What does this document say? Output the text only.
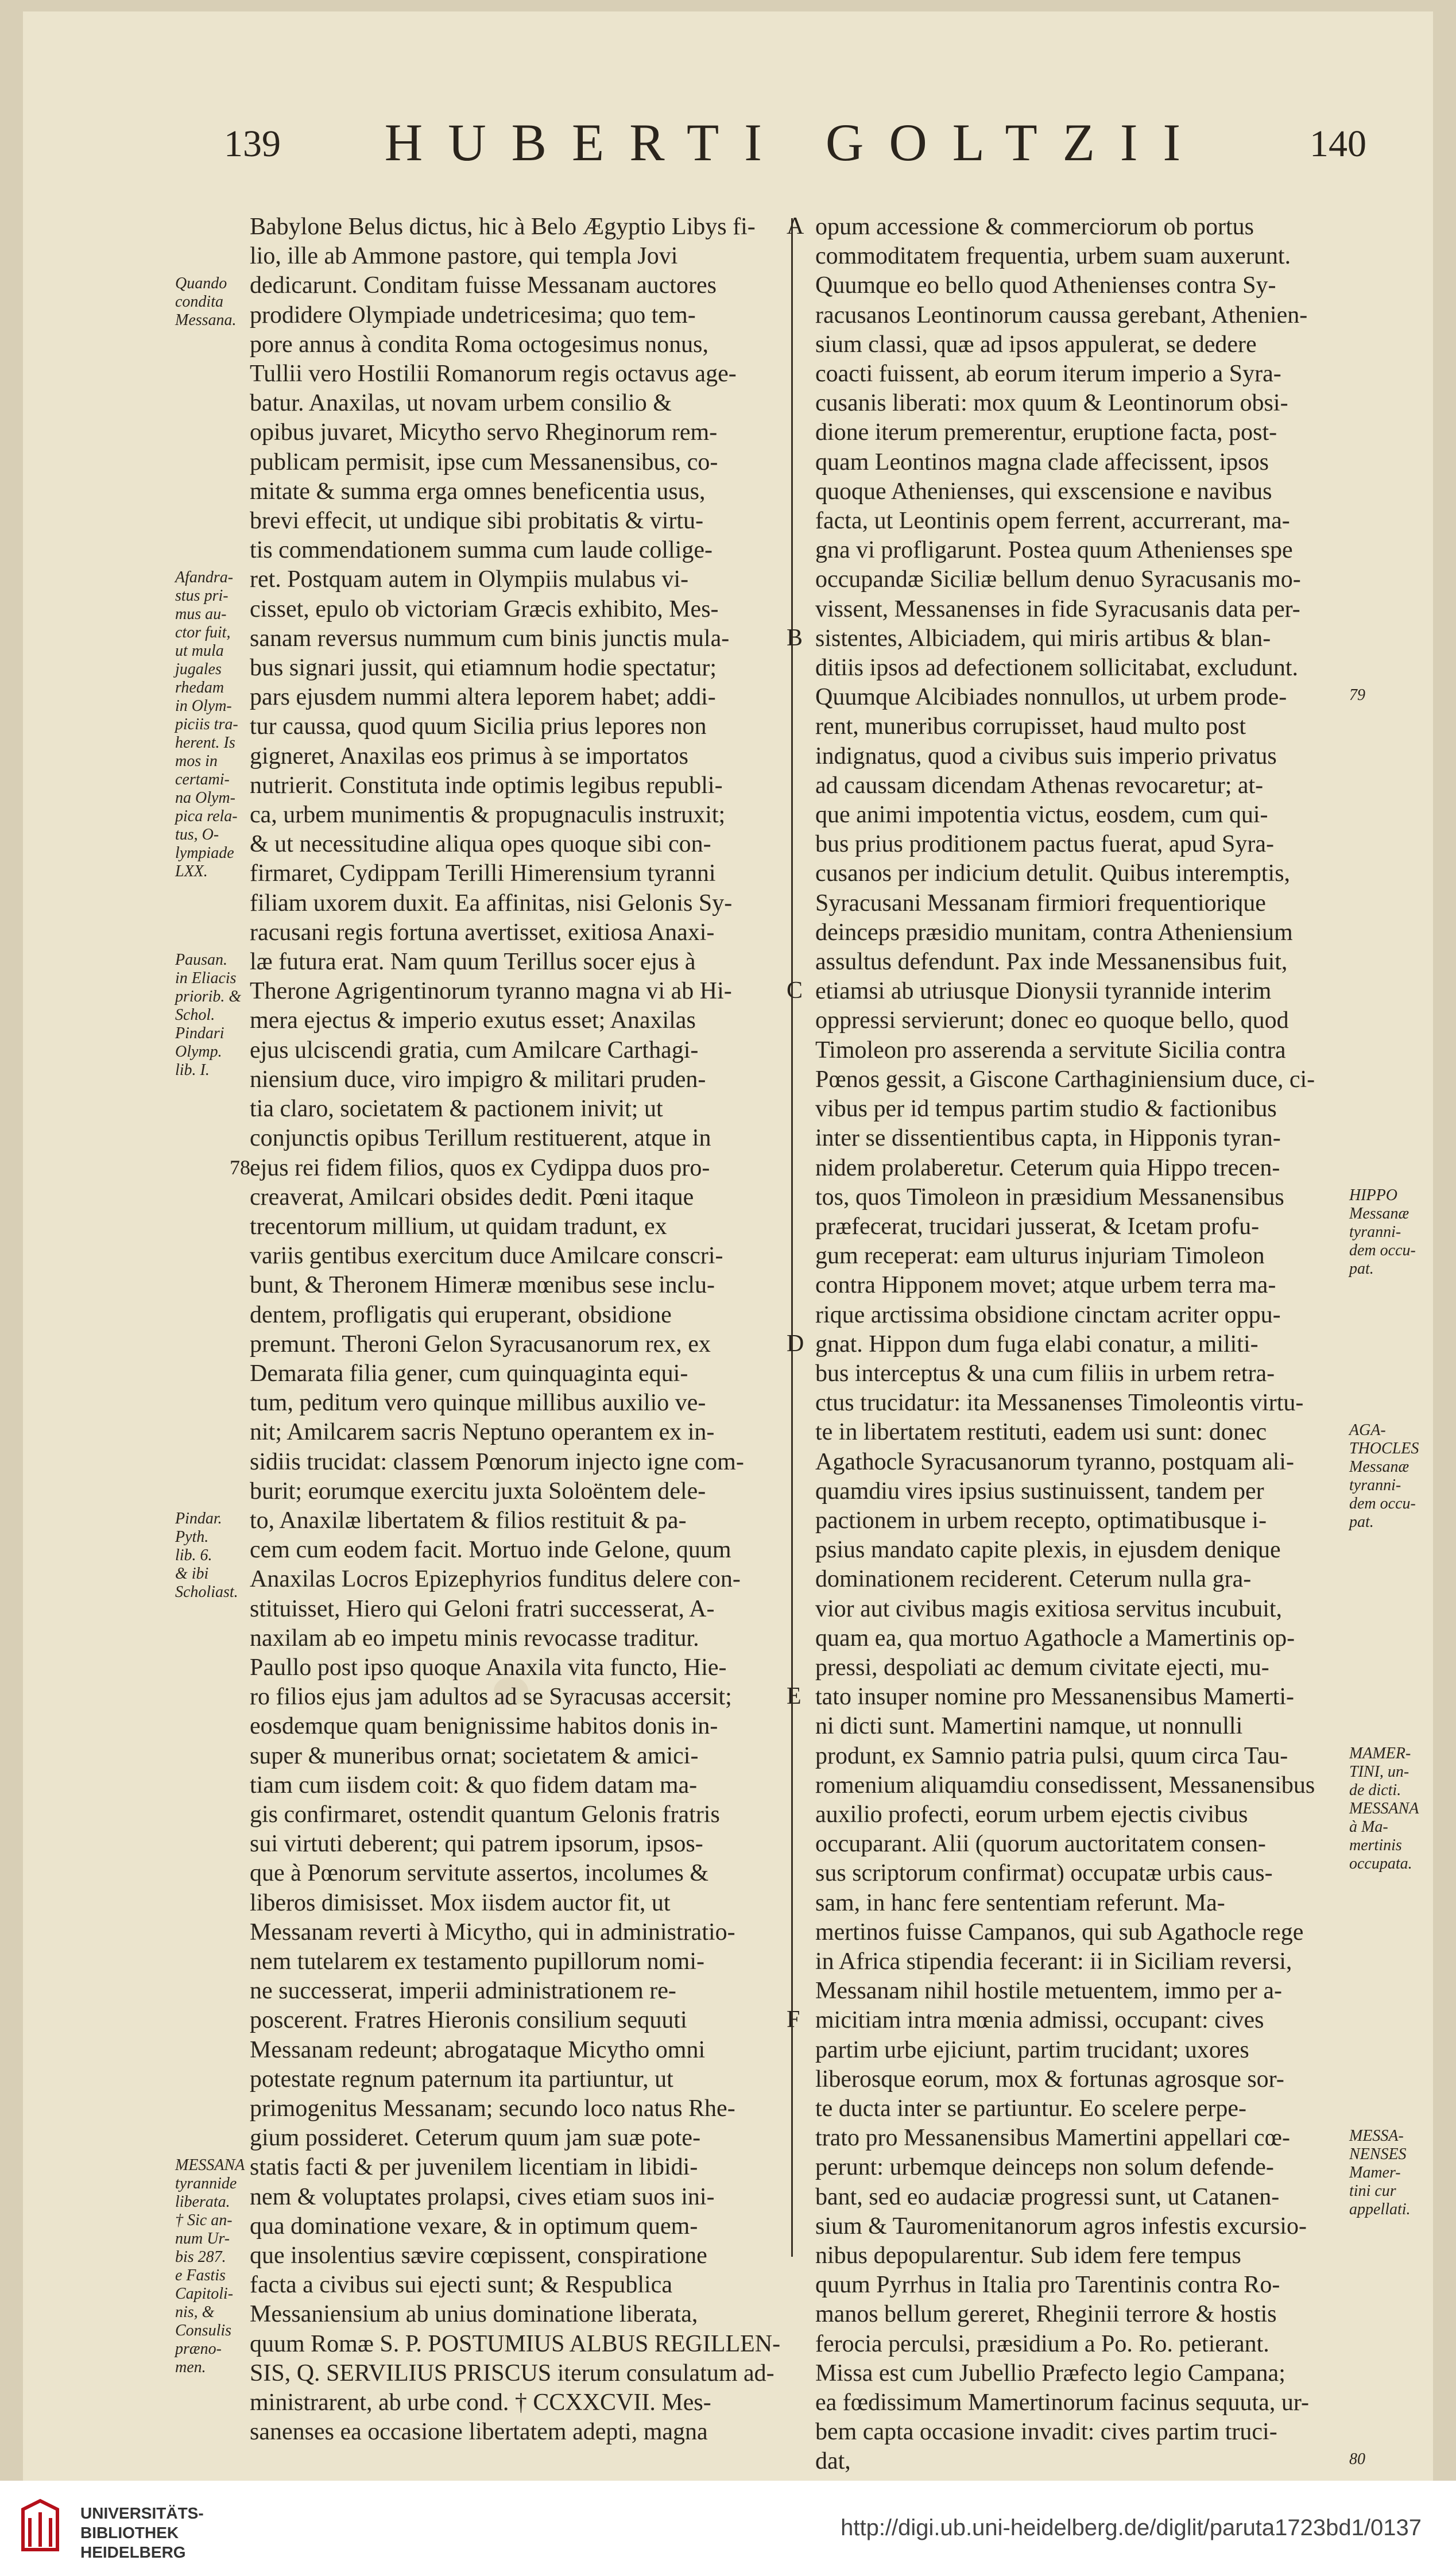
139	HUBERTI GOLTZII	140

Babylone Belus dictus, hic à Belo Ægyptio Libys fi-

lio, ille ab Ammone pastore, qui templa Jovi

dedicarunt. Conditam fuisse Messanam auctores

prodidere Olympiade undetricesima; quo tem-

pore annus à condita Roma octogesimus nonus,

Tullii vero Hostilii Romanorum regis octavus age-

batur. Anaxilas, ut novam urbem consilio &

opibus juvaret, Micytho servo Rheginorum rem-

publicam permisit, ipse cum Messanensibus, co-

mitate & summa erga omnes beneficentia usus,

brevi effecit, ut undique sibi probitatis & virtu-

tis commendationem summa cum laude collige-

ret. Postquam autem in Olympiis mulabus vi-

cisset, epulo ob victoriam Græcis exhibito, Mes-

sanam reversus nummum cum binis junctis mula-

bus signari jussit, qui etiamnum hodie spectatur;

pars ejusdem nummi altera leporem habet; addi-

tur caussa, quod quum Sicilia prius lepores non

gigneret, Anaxilas eos primus à se importatos

nutrierit. Constituta inde optimis legibus republi-

ca, urbem munimentis & propugnaculis instruxit;

& ut necessitudine aliqua opes quoque sibi con-

firmaret, Cydippam Terilli Himerensium tyranni

filiam uxorem duxit. Ea affinitas, nisi Gelonis Sy-

racusani regis fortuna avertisset, exitiosa Anaxi-

læ futura erat. Nam quum Terillus socer ejus à

Therone Agrigentinorum tyranno magna vi ab Hi-

mera ejectus & imperio exutus esset; Anaxilas

ejus ulciscendi gratia, cum Amilcare Carthagi-

niensium duce, viro impigro & militari pruden-

tia claro, societatem & pactionem inivit; ut

conjunctis opibus Terillum restituerent, atque in

ejus rei fidem filios, quos ex Cydippa duos pro-

creaverat, Amilcari obsides dedit. Pœni itaque

trecentorum millium, ut quidam tradunt, ex

variis gentibus exercitum duce Amilcare conscri-

bunt, & Theronem Himeræ mœnibus sese inclu-

dentem, profligatis qui eruperant, obsidione

premunt. Theroni Gelon Syracusanorum rex, ex

Demarata filia gener, cum quinquaginta equi-

tum, peditum vero quinque millibus auxilio ve-

nit; Amilcarem sacris Neptuno operantem ex in-

sidiis trucidat: classem Pœnorum injecto igne com-

burit; eorumque exercitu juxta Soloëntem dele-

to, Anaxilæ libertatem & filios restituit & pa-

cem cum eodem facit. Mortuo inde Gelone, quum

Anaxilas Locros Epizephyrios funditus delere con-

stituisset, Hiero qui Geloni fratri successerat, A-

naxilam ab eo impetu minis revocasse traditur.

Paullo post ipso quoque Anaxila vita functo, Hie-

ro filios ejus jam adultos ad se Syracusas accersit;

eosdemque quam benignissime habitos donis in-

super & muneribus ornat; societatem & amici-

tiam cum iisdem coit: & quo fidem datam ma-

gis confirmaret, ostendit quantum Gelonis fratris

sui virtuti deberent; qui patrem ipsorum, ipsos-

que à Pœnorum servitute assertos, incolumes &

liberos dimisisset. Mox iisdem auctor fit, ut

Messanam reverti à Micytho, qui in administratio-

nem tutelarem ex testamento pupillorum nomi-

ne successerat, imperii administrationem re-

poscerent. Fratres Hieronis consilium sequuti

Messanam redeunt; abrogataque Micytho omni

potestate regnum paternum ita partiuntur, ut

primogenitus Messanam; secundo loco natus Rhe-

gium possideret. Ceterum quum jam suæ pote-

statis facti & per juvenilem licentiam in libidi-

nem & voluptates prolapsi, cives etiam suos ini-

qua dominatione vexare, & in optimum quem-

que insolentius sævire cœpissent, conspiratione

facta a civibus sui ejecti sunt; & Respublica

Messaniensium ab unius dominatione liberata,

quum Romæ S. P. POSTUMIUS ALBUS REGILLEN-

SIS, Q. SERVILIUS PRISCUS iterum consulatum ad-

ministrarent, ab urbe cond. † CCXXCVII. Mes-

sanenses ea occasione libertatem adepti, magna

opum accessione & commerciorum ob portus

commoditatem frequentia, urbem suam auxerunt.

Quumque eo bello quod Athenienses contra Sy-

racusanos Leontinorum caussa gerebant, Athenien-

sium classi, quæ ad ipsos appulerat, se dedere

coacti fuissent, ab eorum iterum imperio a Syra-

cusanis liberati: mox quum & Leontinorum obsi-

dione iterum premerentur, eruptione facta, post-

quam Leontinos magna clade affecissent, ipsos

quoque Athenienses, qui exscensione e navibus

facta, ut Leontinis opem ferrent, accurrerant, ma-

gna vi profligarunt. Postea quum Athenienses spe

occupandæ Siciliæ bellum denuo Syracusanis mo-

vissent, Messanenses in fide Syracusanis data per-

sistentes, Albiciadem, qui miris artibus & blan-

ditiis ipsos ad defectionem sollicitabat, excludunt.

Quumque Alcibiades nonnullos, ut urbem prode-

rent, muneribus corrupisset, haud multo post

indignatus, quod a civibus suis imperio privatus

ad caussam dicendam Athenas revocaretur; at-

que animi impotentia victus, eosdem, cum qui-

bus prius proditionem pactus fuerat, apud Syra-

cusanos per indicium detulit. Quibus interemptis,

Syracusani Messanam firmiori frequentiorique

deinceps præsidio munitam, contra Atheniensium

assultus defendunt. Pax inde Messanensibus fuit,

etiamsi ab utriusque Dionysii tyrannide interim

oppressi servierunt; donec eo quoque bello, quod

Timoleon pro asserenda a servitute Sicilia contra

Pœnos gessit, a Giscone Carthaginiensium duce, ci-

vibus per id tempus partim studio & factionibus

inter se dissentientibus capta, in Hipponis tyran-

nidem prolaberetur. Ceterum quia Hippo trecen-

tos, quos Timoleon in præsidium Messanensibus

præfecerat, trucidari jusserat, & Icetam profu-

gum receperat: eam ulturus injuriam Timoleon

contra Hipponem movet; atque urbem terra ma-

rique arctissima obsidione cinctam acriter oppu-

gnat. Hippon dum fuga elabi conatur, a militi-

bus interceptus & una cum filiis in urbem retra-

ctus trucidatur: ita Messanenses Timoleontis virtu-

te in libertatem restituti, eadem usi sunt: donec

Agathocle Syracusanorum tyranno, postquam ali-

quamdiu vires ipsius sustinuissent, tandem per

pactionem in urbem recepto, optimatibusque i-

psius mandato capite plexis, in ejusdem denique

dominationem reciderent. Ceterum nulla gra-

vior aut civibus magis exitiosa servitus incubuit,

quam ea, qua mortuo Agathocle a Mamertinis op-

pressi, despoliati ac demum civitate ejecti, mu-

tato insuper nomine pro Messanensibus Mamerti-

ni dicti sunt. Mamertini namque, ut nonnulli

produnt, ex Samnio patria pulsi, quum circa Tau-

romenium aliquamdiu consedissent, Messanensibus

auxilio profecti, eorum urbem ejectis civibus

occuparant. Alii (quorum auctoritatem consen-

sus scriptorum confirmat) occupatæ urbis caus-

sam, in hanc fere sententiam referunt. Ma-

mertinos fuisse Campanos, qui sub Agathocle rege

in Africa stipendia fecerant: ii in Siciliam reversi,

Messanam nihil hostile metuentem, immo per a-

micitiam intra mœnia admissi, occupant: cives

partim urbe ejiciunt, partim trucidant; uxores

liberosque eorum, mox & fortunas agrosque sor-

te ducta inter se partiuntur. Eo scelere perpe-

trato pro Messanensibus Mamertini appellari cœ-

perunt: urbemque deinceps non solum defende-

bant, sed eo audaciæ progressi sunt, ut Catanen-

sium & Tauromenitanorum agros infestis excursio-

nibus depopularentur. Sub idem fere tempus

quum Pyrrhus in Italia pro Tarentinis contra Ro-

manos bellum gereret, Rheginii terrore & hostis

ferocia perculsi, præsidium a Po. Ro. petierant.

Missa est cum Jubellio Præfecto legio Campana;

ea fœdissimum Mamertinorum facinus sequuta, ur-

bem capta occasione invadit: cives partim truci-

dat,

Quando

condita

Messana.

Afandra-

stus pri-

mus au-

ctor fuit,

ut mula

jugales

rhedam

in Olym-

piciis tra-

herent. Is

mos in

certami-

na Olym-

pica rela-

tus, O-

lympiade

LXX.

Pausan.

in Eliacis

priorib. &

Schol.

Pindari

Olymp.

lib. I.

Pindar.

Pyth.

lib. 6.

& ibi

Scholiast.

MESSANA

tyrannide

liberata.

† Sic an-

num Ur-

bis 287.

e Fastis

Capitoli-

nis, &

Consulis

præno-

men.

79

HIPPO

Messanæ

tyranni-

dem occu-

pat.

AGA-

THOCLES

Messanæ

tyranni-

dem occu-

pat.

MAMER-

TINI, un-

de dicti.

MESSANA

à Ma-

mertinis

occupata.

MESSA-

NENSES

Mamer-

tini cur

appellati.

80

A
B
C
D
E
F
78
UNIVERSITÄTS-
BIBLIOTHEK
HEIDELBERG
http://digi.ub.uni-heidelberg.de/diglit/paruta1723bd1/0137
